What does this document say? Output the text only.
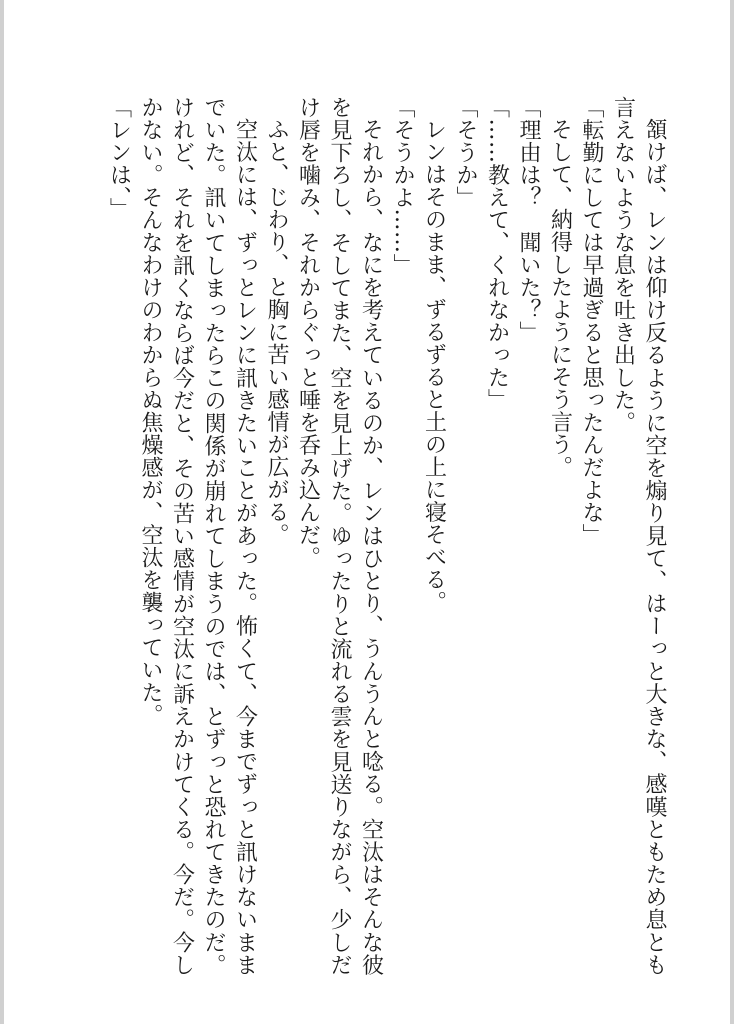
頷けば、レンは仰け反るように空を煽り見て、はーっと大きな、感嘆ともため息とも言えないような息を吐き出した。

「転勤にしては早過ぎると思ったんだよな」

そして、納得したようにそう言う。

「理由は？　聞いた？」

「……教えて、くれなかった」

「そうか」

レンはそのまま、ずるずると土の上に寝そべる。

「そうかよ……」

それから、なにを考えているのか、レンはひとり、うんうんと唸る。空汰はそんな彼を見下ろし、そしてまた、空を見上げた。ゆったりと流れる雲を見送りながら、少しだけ唇を噛み、それからぐっと唾を呑み込んだ。

ふと、じわり、と胸に苦い感情が広がる。

空汰には、ずっとレンに訊きたいことがあった。怖くて、今までずっと訊けないままでいた。訊いてしまったらこの関係が崩れてしまうのでは、とずっと恐れてきたのだ。けれど、それを訊くならば今だと、その苦い感情が空汰に訴えかけてくる。今だ。今しかない。そんなわけのわからぬ焦燥感が、空汰を襲っていた。

「レンは、」
